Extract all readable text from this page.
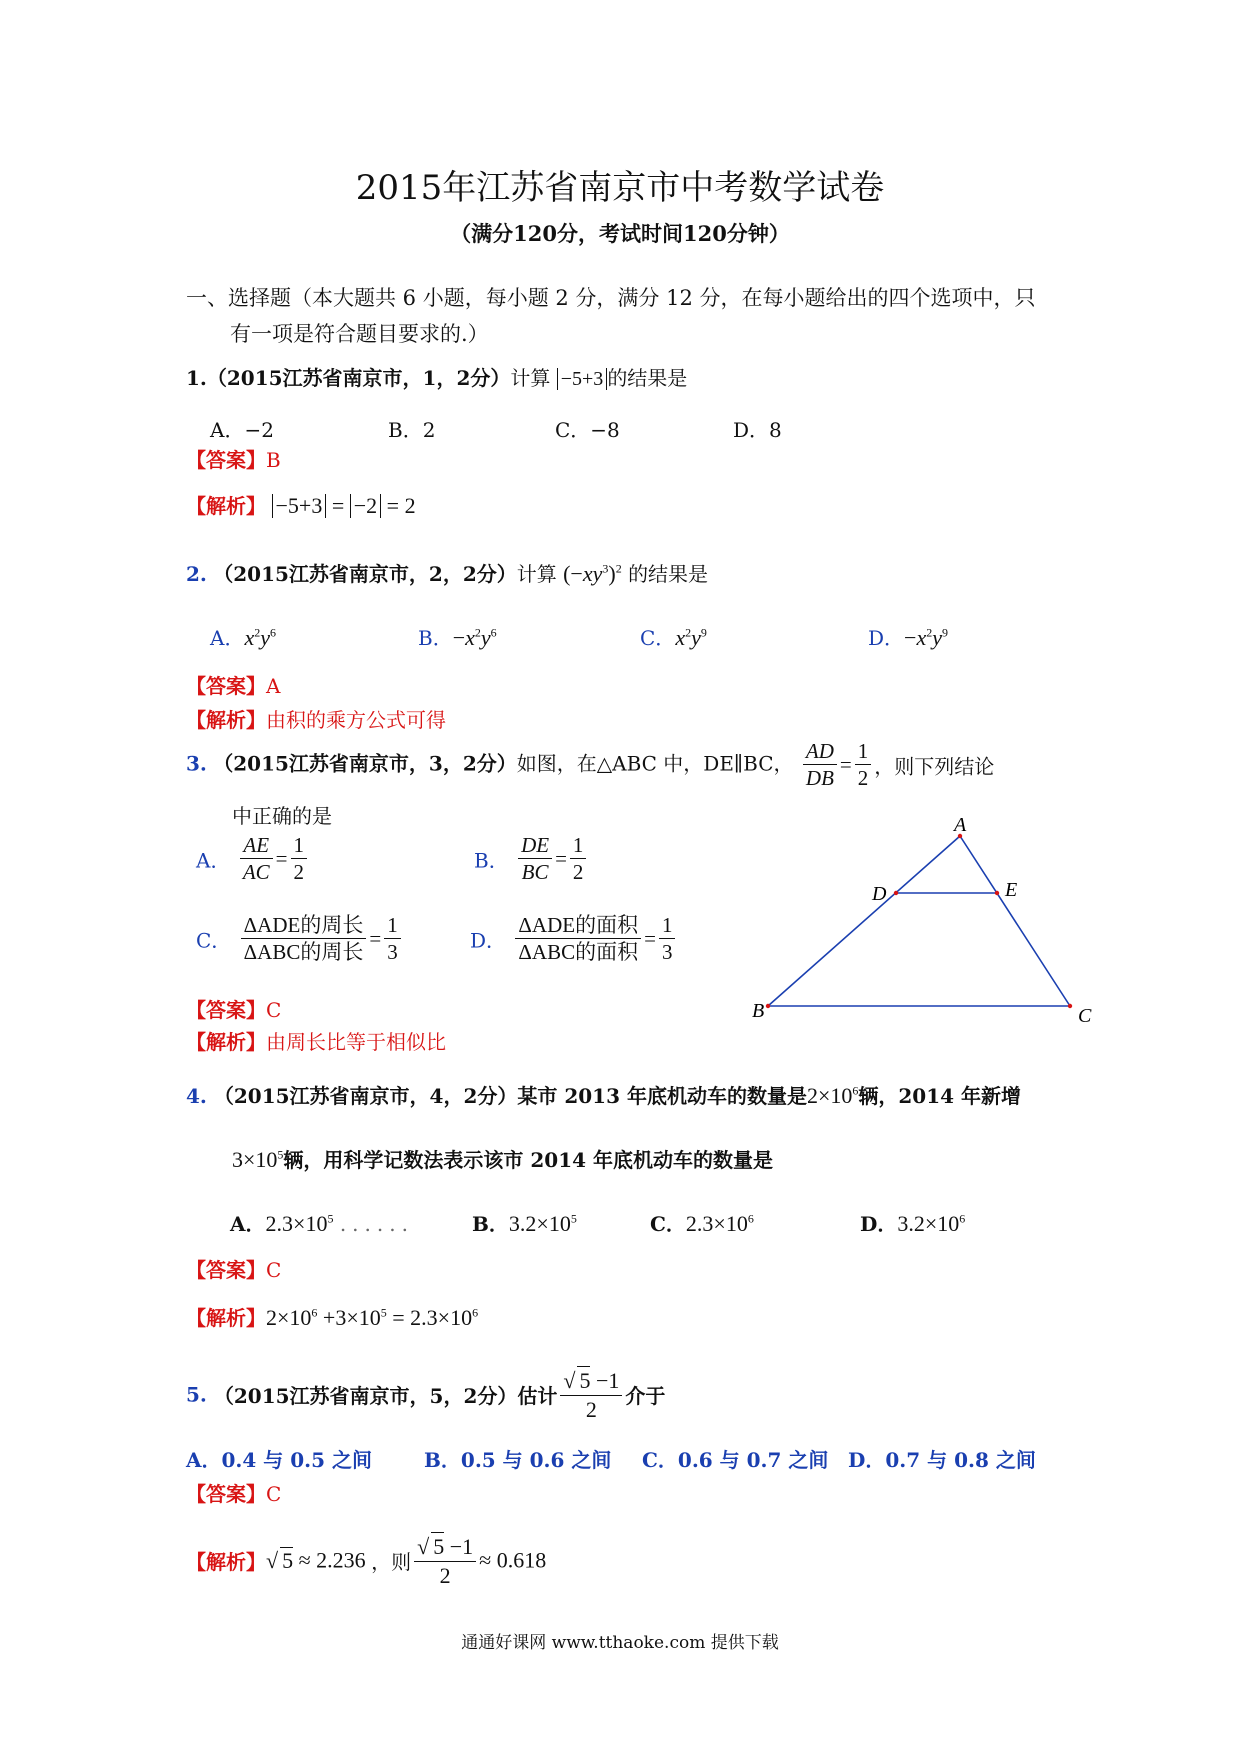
2015年江苏省南京市中考数学试卷
（满分120分，考试时间120分钟）
一、选择题（本大题共 6 小题，每小题 2 分，满分 12 分，在每小题给出的四个选项中，只
有一项是符合题目要求的.）
1.（2015江苏省南京市，1，2分）计算 −5+3 的结果是
A．−2	B．2	C．−8	D．8
【答案】B
【解析】 −5+3 = −2 = 2
2. （2015江苏省南京市，2，2分）计算 $(-xy^3)^2$ 的结果是
A．$x^2y^6$	B．$-x^2y^6$	C．$x^2y^9$	D．$-x^2y^9$
【答案】A
【解析】由积的乘方公式可得
3. （2015江苏省南京市，3，2分）如图，在△ABC 中，DE∥BC， $\frac{AD}{DB} = \frac{1}{2}$ ，则下列结论
中正确的是
A． $\frac{AE}{AC} = \frac{1}{2}$	B． $\frac{DE}{BC} = \frac{1}{2}$
C． $\frac{\text{ΔADE的周长}}{\text{ΔABC的周长}} = \frac{1}{3}$	D． $\frac{\text{ΔADE的面积}}{\text{ΔABC的面积}} = \frac{1}{3}$
A
B	C
D	E
【答案】C
【解析】由周长比等于相似比
4. （2015江苏省南京市，4，2分）某市 2013 年底机动车的数量是$2\times 10^6$辆，2014 年新增
$3\times 10^5$辆，用科学记数法表示该市 2014 年底机动车的数量是
A．$2.3\times 10^5$ ......	B．$3.2\times 10^5$	C．$2.3\times 10^6$	D．$3.2\times 10^6$
【答案】C
【解析】$2\times 10^6 +3\times 10^5 = 2.3\times 10^6$
5. （2015江苏省南京市，5，2分）估计 $\frac{√ 5 -1}{2}$ 介于
A．0.4 与 0.5 之间	B．0.5 与 0.6 之间 C．0.6 与 0.7 之间 D．0.7 与 0.8 之间
【答案】C
【解析】√ 5 ≈ 2.236 ，则 $\frac{√ 5 -1}{2} \approx 0.618$
通通好课网 www.tthaoke.com 提供下载
